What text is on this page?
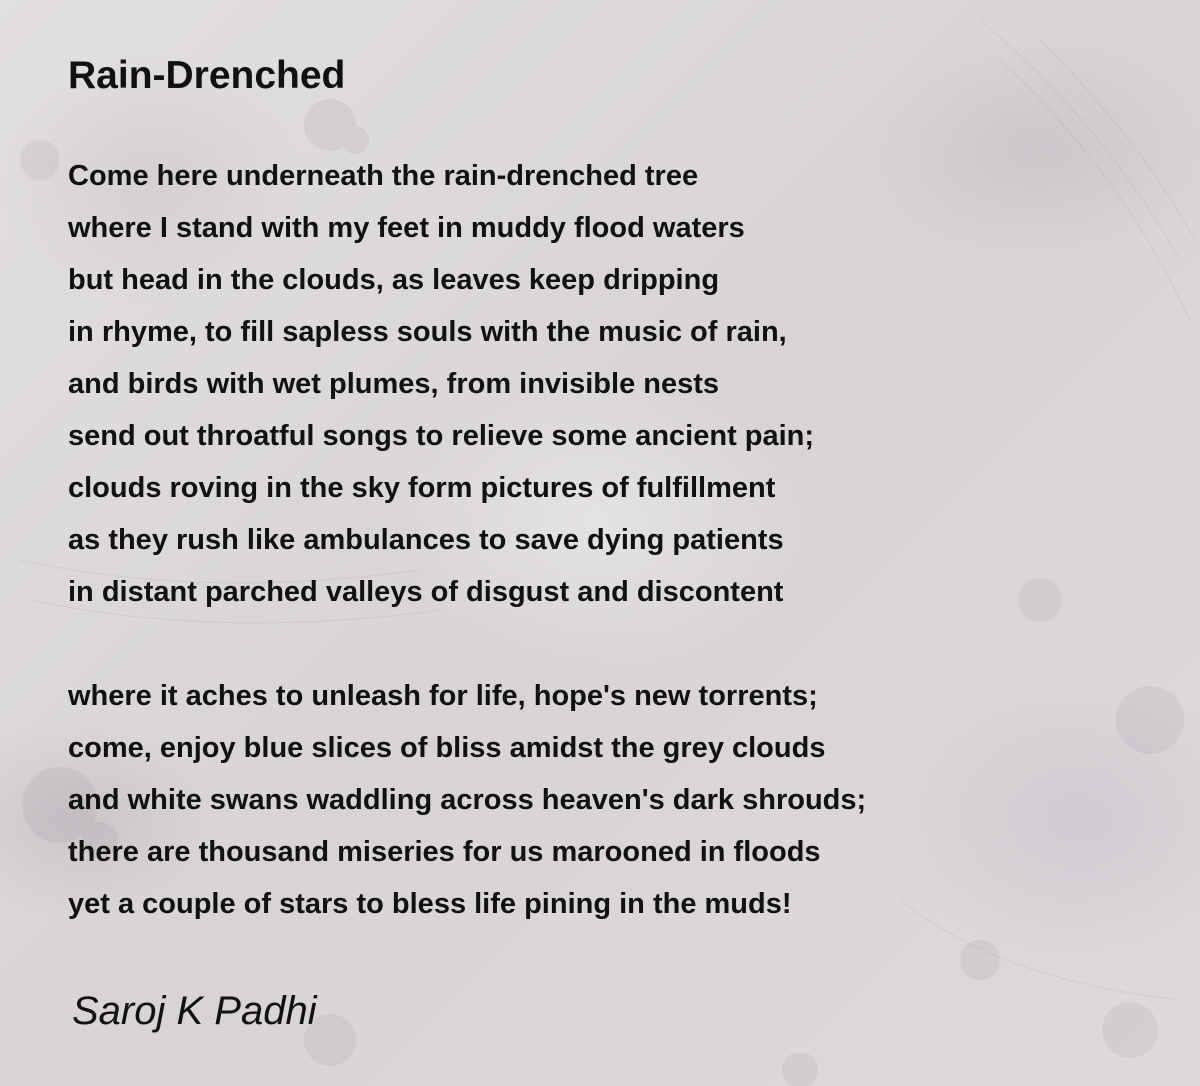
Rain-Drenched
Come here underneath the rain-drenched tree
where I stand with my feet in muddy flood waters
but head in the clouds, as leaves keep dripping
in rhyme, to fill sapless souls with the music of rain,
and birds with wet plumes, from invisible nests
send out throatful songs to relieve some ancient pain;
clouds roving in the sky form pictures of fulfillment
as they rush like ambulances to save dying patients
in distant parched valleys of disgust and discontent
where it aches to unleash for life, hope's new torrents;
come, enjoy blue slices of bliss amidst the grey clouds
and white swans waddling across heaven's dark shrouds;
there are thousand miseries for us marooned in floods
yet a couple of stars to bless life pining in the muds!
Saroj K Padhi
